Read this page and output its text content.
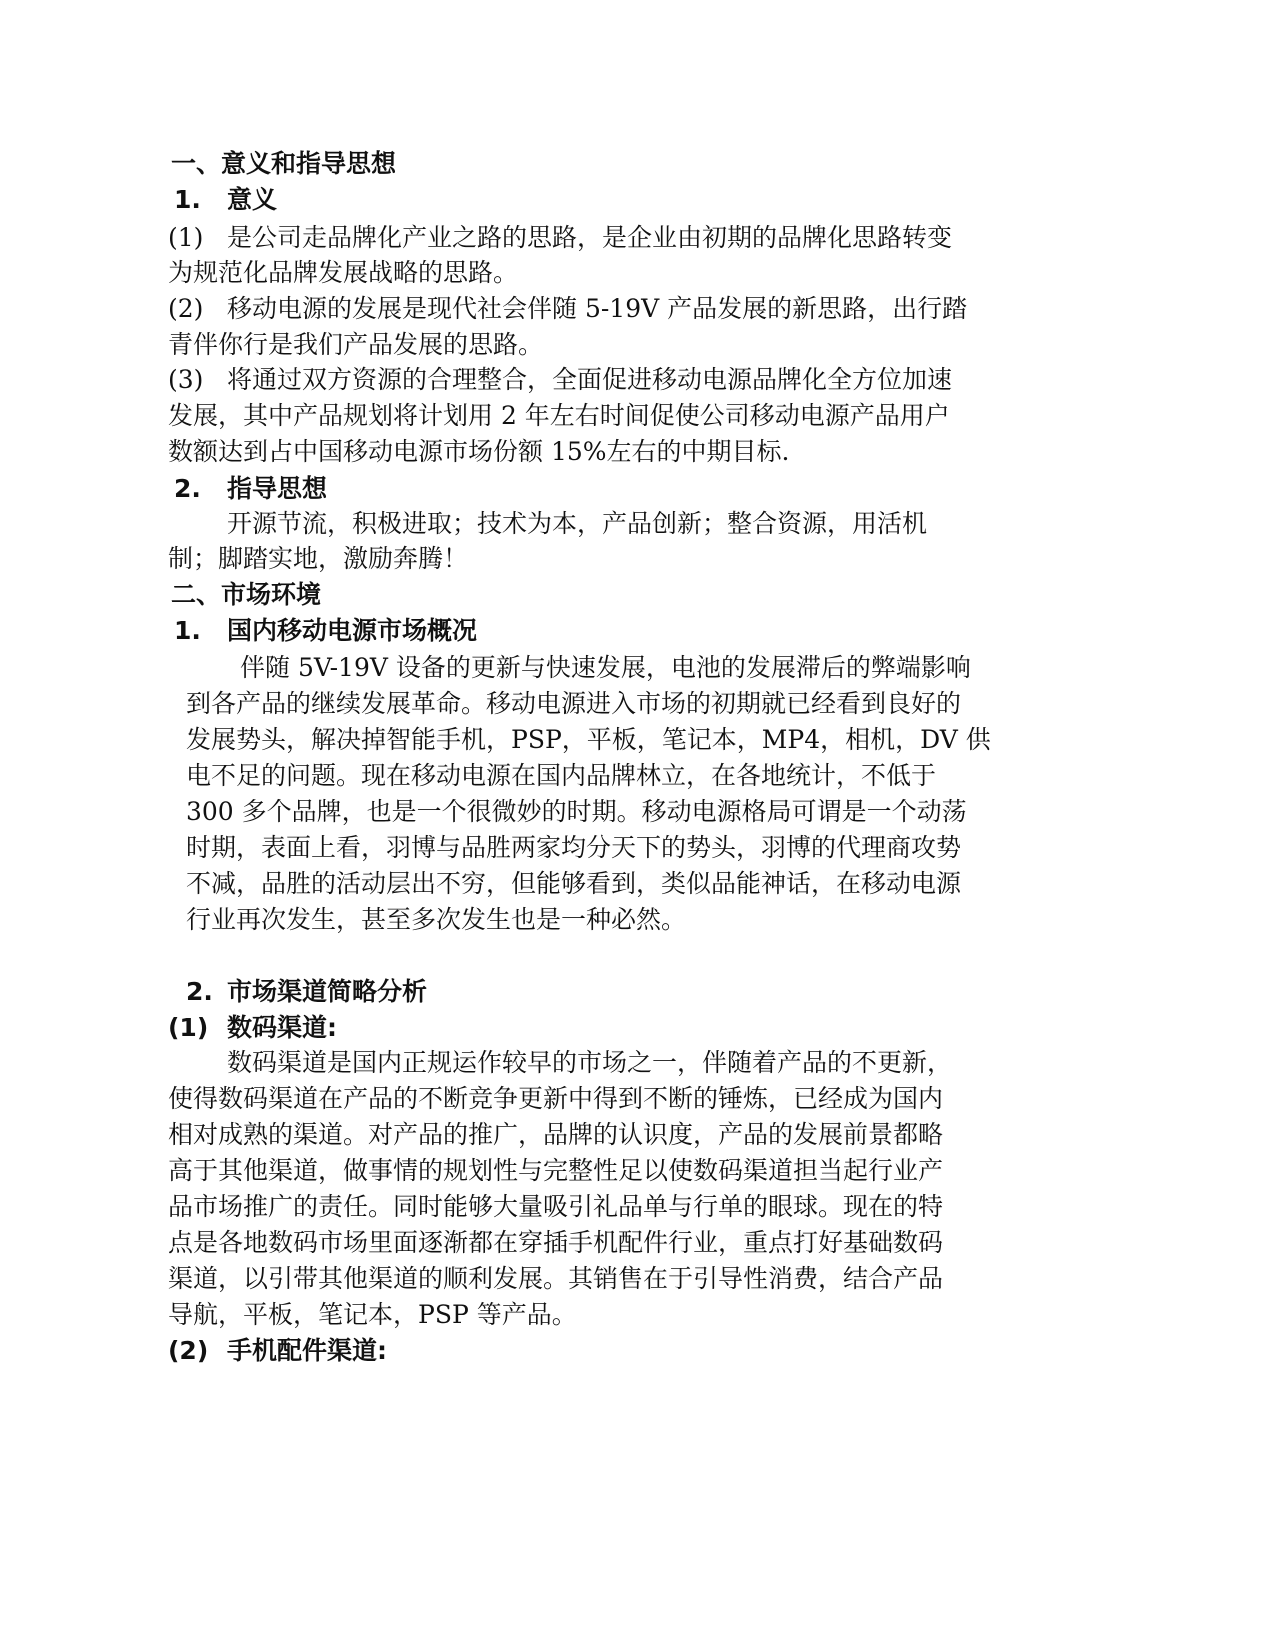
一、意义和指导思想
1. 意义
(1) 是公司走品牌化产业之路的思路，是企业由初期的品牌化思路转变
为规范化品牌发展战略的思路。
(2) 移动电源的发展是现代社会伴随 5-19V 产品发展的新思路，出行踏
青伴你行是我们产品发展的思路。
(3) 将通过双方资源的合理整合，全面促进移动电源品牌化全方位加速
发展，其中产品规划将计划用 2 年左右时间促使公司移动电源产品用户
数额达到占中国移动电源市场份额 15%左右的中期目标.
2. 指导思想
开源节流，积极进取；技术为本，产品创新；整合资源，用活机
制；脚踏实地，激励奔腾！
二、市场环境
1. 国内移动电源市场概况
伴随 5V-19V 设备的更新与快速发展，电池的发展滞后的弊端影响
到各产品的继续发展革命。移动电源进入市场的初期就已经看到良好的
发展势头，解决掉智能手机，PSP，平板，笔记本，MP4，相机，DV 供
电不足的问题。现在移动电源在国内品牌林立，在各地统计，不低于
300 多个品牌，也是一个很微妙的时期。移动电源格局可谓是一个动荡
时期，表面上看，羽博与品胜两家均分天下的势头，羽博的代理商攻势
不减，品胜的活动层出不穷，但能够看到，类似品能神话，在移动电源
行业再次发生，甚至多次发生也是一种必然。
2. 市场渠道简略分析
(1) 数码渠道:
数码渠道是国内正规运作较早的市场之一，伴随着产品的不更新，
使得数码渠道在产品的不断竞争更新中得到不断的锤炼，已经成为国内
相对成熟的渠道。对产品的推广，品牌的认识度，产品的发展前景都略
高于其他渠道，做事情的规划性与完整性足以使数码渠道担当起行业产
品市场推广的责任。同时能够大量吸引礼品单与行单的眼球。现在的特
点是各地数码市场里面逐渐都在穿插手机配件行业，重点打好基础数码
渠道，以引带其他渠道的顺利发展。其销售在于引导性消费，结合产品
导航，平板，笔记本，PSP 等产品。
(2) 手机配件渠道:
